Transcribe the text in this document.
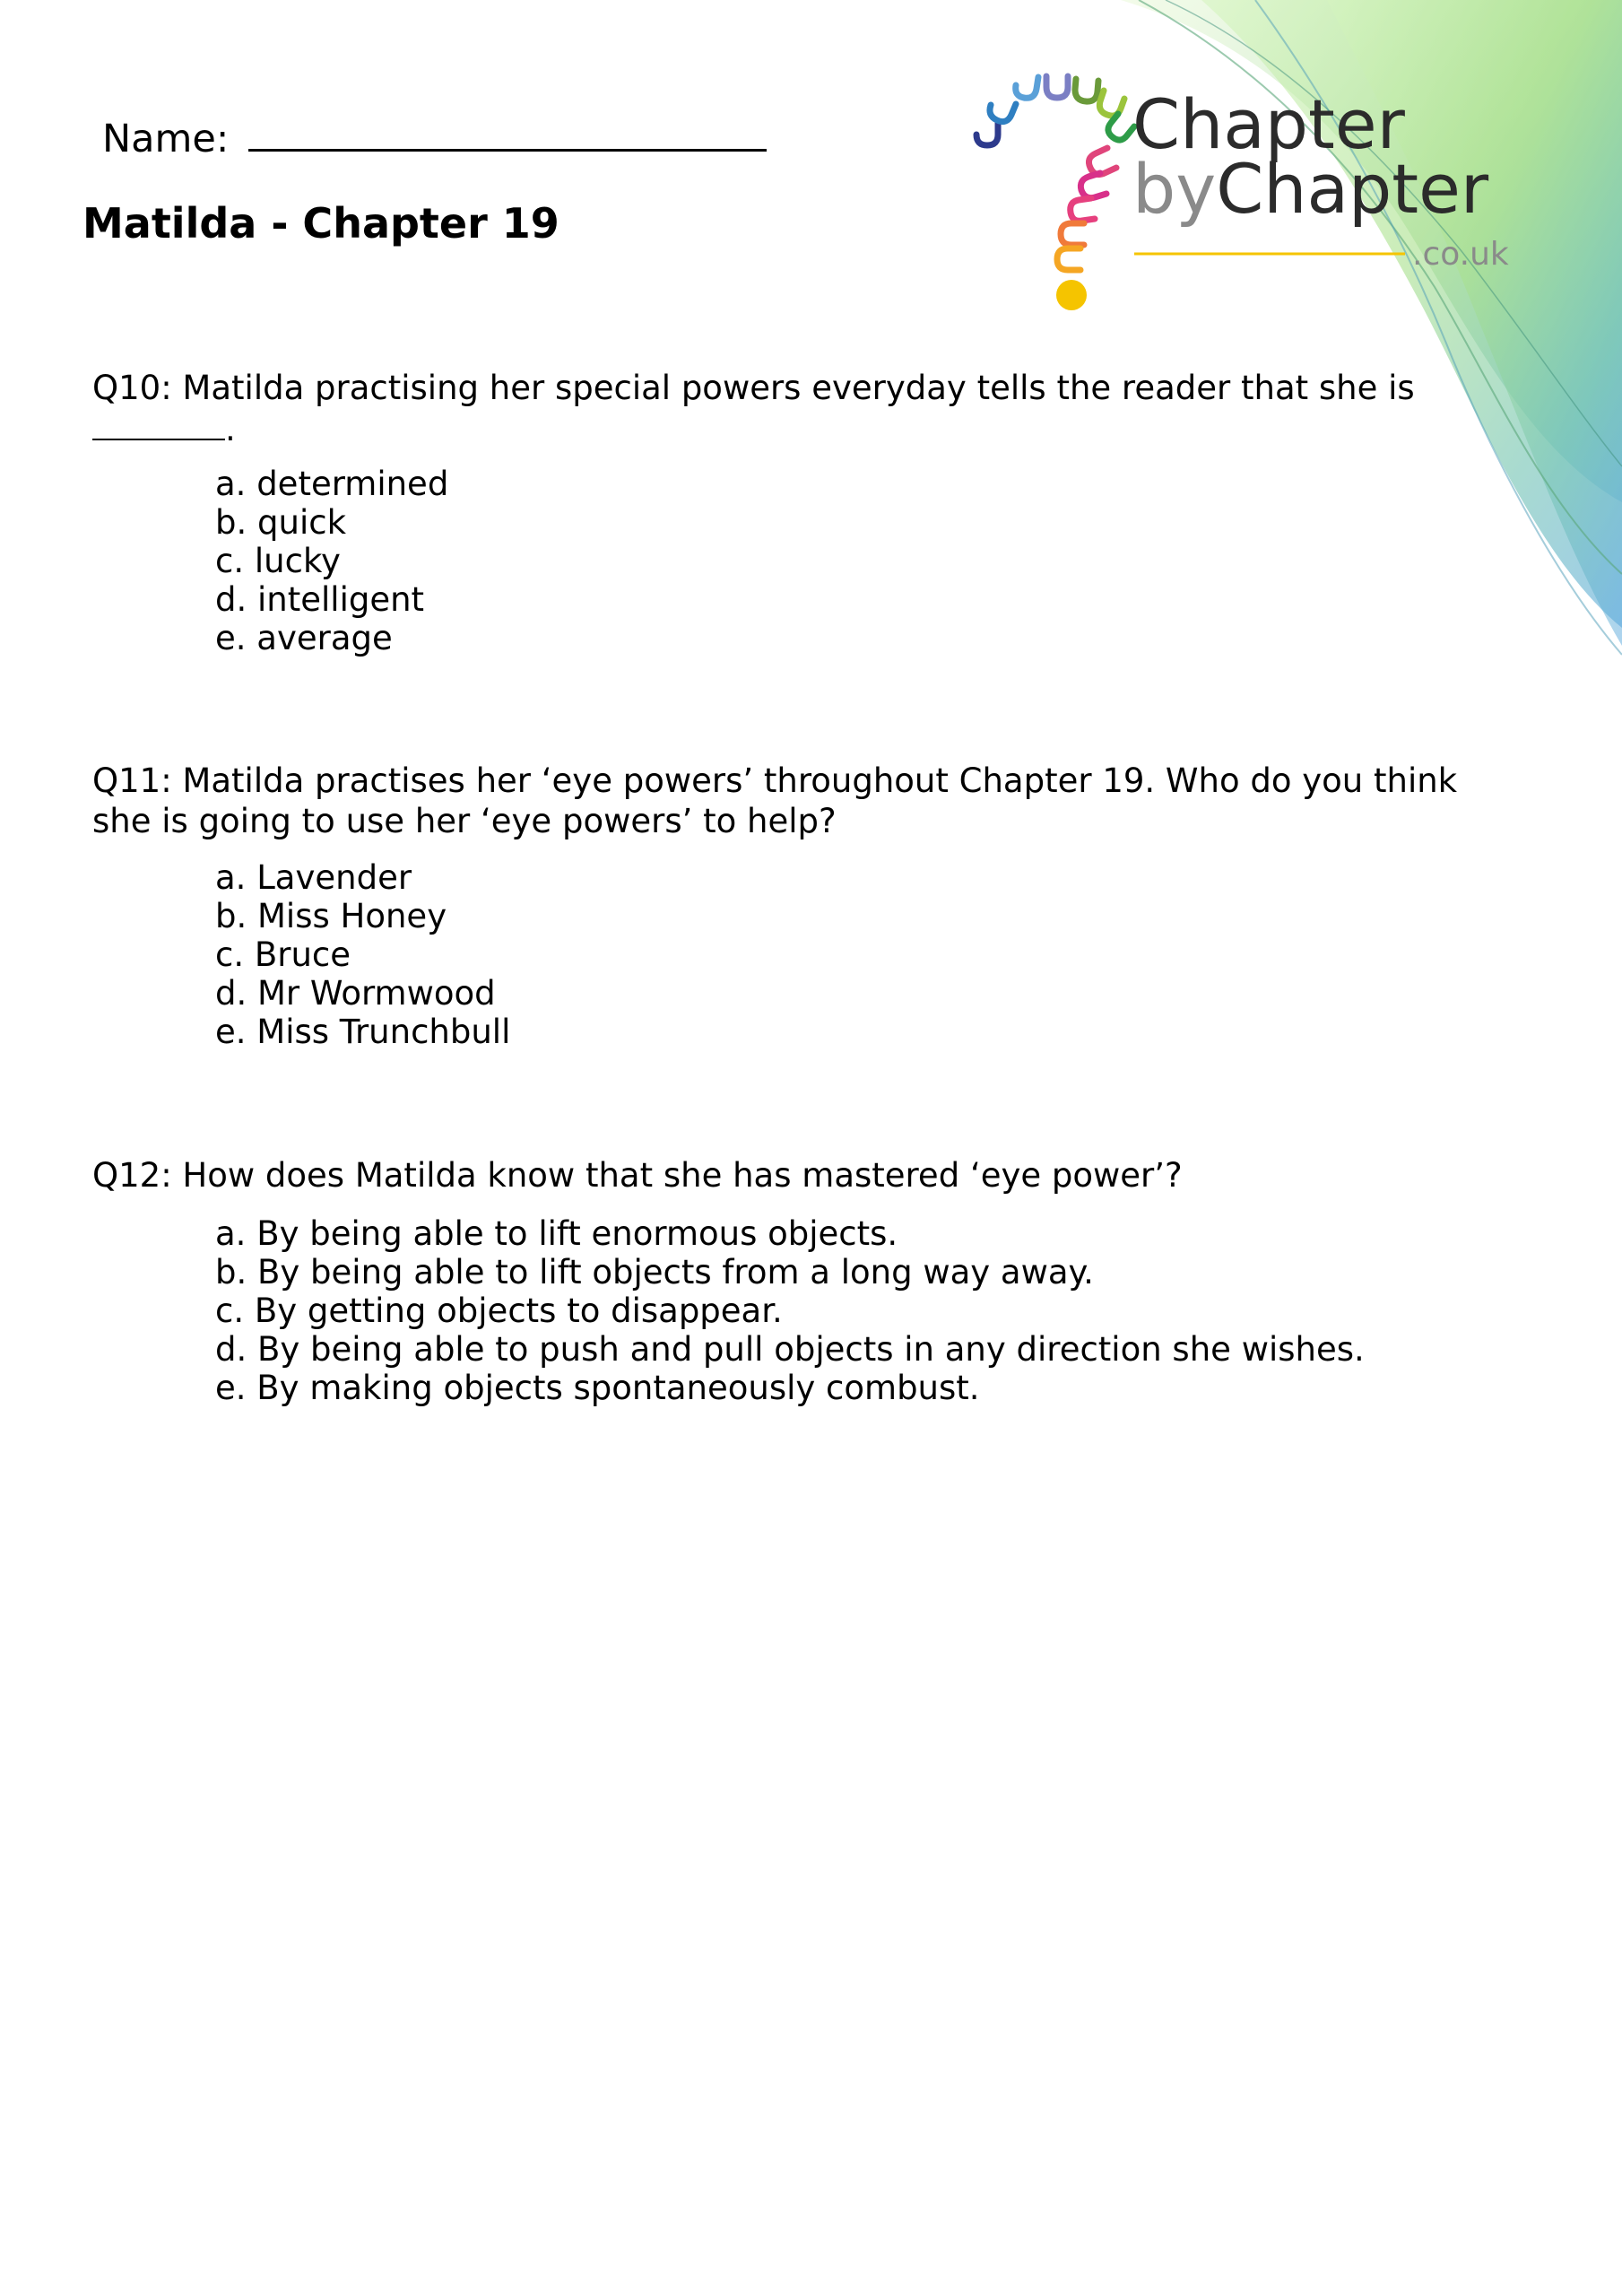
Name:
Matilda - Chapter 19
Chapter
byChapter
.co.uk
Q10: Matilda practising her special powers everyday tells the reader that she is
.
a. determined
b. quick
c. lucky
d. intelligent
e. average
Q11: Matilda practises her ‘eye powers’ throughout Chapter 19. Who do you think she is going to use her ‘eye powers’ to help?
a. Lavender
b. Miss Honey
c. Bruce
d. Mr Wormwood
e. Miss Trunchbull
Q12: How does Matilda know that she has mastered ‘eye power’?
a. By being able to lift enormous objects.
b. By being able to lift objects from a long way away.
c. By getting objects to disappear.
d. By being able to push and pull objects in any direction she wishes.
e. By making objects spontaneously combust.
